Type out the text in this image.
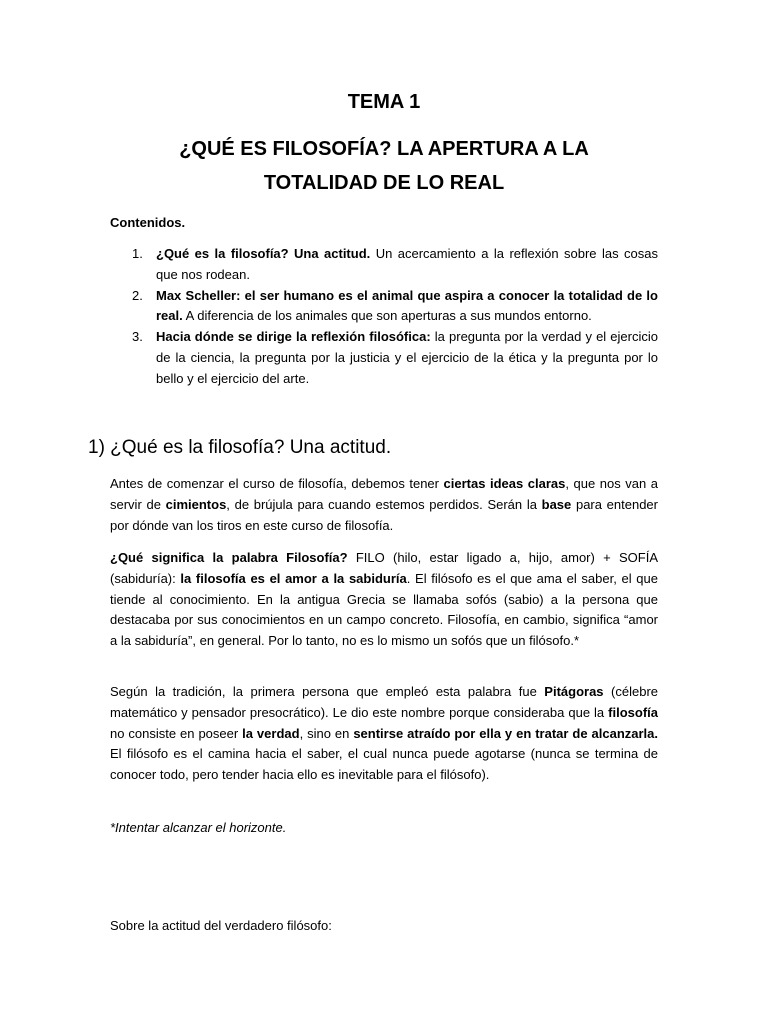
TEMA 1
¿QUÉ ES FILOSOFÍA? LA APERTURA A LA
TOTALIDAD DE LO REAL
Contenidos.
1. ¿Qué es la filosofía? Una actitud. Un acercamiento a la reflexión sobre las cosas que nos rodean.
2. Max Scheller: el ser humano es el animal que aspira a conocer la totalidad de lo real. A diferencia de los animales que son aperturas a sus mundos entorno.
3. Hacia dónde se dirige la reflexión filosófica: la pregunta por la verdad y el ejercicio de la ciencia, la pregunta por la justicia y el ejercicio de la ética y la pregunta por lo bello y el ejercicio del arte.
1) ¿Qué es la filosofía? Una actitud.

Antes de comenzar el curso de filosofía, debemos tener ciertas ideas claras, que nos van a servir de cimientos, de brújula para cuando estemos perdidos. Serán la base para entender por dónde van los tiros en este curso de filosofía.

¿Qué significa la palabra Filosofía? FILO (hilo, estar ligado a, hijo, amor) + SOFÍA (sabiduría): la filosofía es el amor a la sabiduría. El filósofo es el que ama el saber, el que tiende al conocimiento. En la antigua Grecia se llamaba sofós (sabio) a la persona que destacaba por sus conocimientos en un campo concreto. Filosofía, en cambio, significa “amor a la sabiduría”, en general. Por lo tanto, no es lo mismo un sofós que un filósofo.*

Según la tradición, la primera persona que empleó esta palabra fue Pitágoras (célebre matemático y pensador presocrático). Le dio este nombre porque consideraba que la filosofía no consiste en poseer la verdad, sino en sentirse atraído por ella y en tratar de alcanzarla. El filósofo es el camina hacia el saber, el cual nunca puede agotarse (nunca se termina de conocer todo, pero tender hacia ello es inevitable para el filósofo).

*Intentar alcanzar el horizonte.

Sobre la actitud del verdadero filósofo:
